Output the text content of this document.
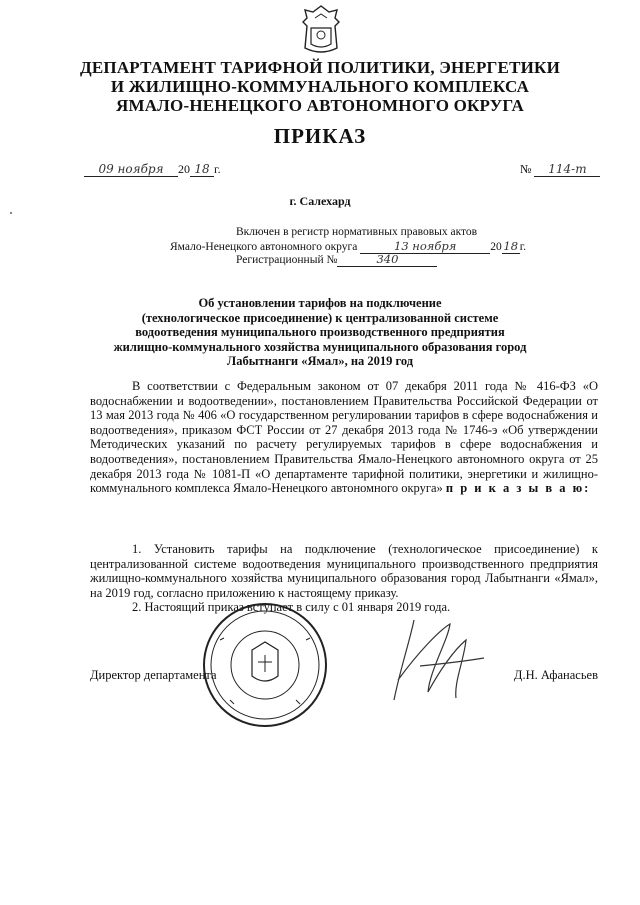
ДЕПАРТАМЕНТ ТАРИФНОЙ ПОЛИТИКИ, ЭНЕРГЕТИКИ
И ЖИЛИЩНО-КОММУНАЛЬНОГО КОМПЛЕКСА
ЯМАЛО-НЕНЕЦКОГО АВТОНОМНОГО ОКРУГА
ПРИКАЗ
09 ноября 20 18 г.	№ 114-т
г. Салехард
Включен в регистр нормативных правовых актов
Ямало-Ненецкого автономного округа	13 ноября	20 18 г.
Регистрационный №	340
Об установлении тарифов на подключение
(технологическое присоединение) к централизованной системе
водоотведения муниципального производственного предприятия
жилищно-коммунального хозяйства муниципального образования город
Лабытнанги «Ямал», на 2019 год

В соответствии с Федеральным законом от 07 декабря 2011 года № 416-ФЗ «О водоснабжении и водоотведении», постановлением Правительства Российской Федерации от 13 мая 2013 года № 406 «О государственном регулировании тарифов в сфере водоснабжения и водоотведения», приказом ФСТ России от 27 декабря 2013 года № 1746-э «Об утверждении Методических указаний по расчету регулируемых тарифов в сфере водоснабжения и водоотведения», постановлением Правительства Ямало-Ненецкого автономного округа от 25 декабря 2013 года № 1081-П «О департаменте тарифной политики, энергетики и жилищно-коммунального комплекса Ямало-Ненецкого автономного округа» п р и к а з ы в а ю:

1. Установить тарифы на подключение (технологическое присоединение) к централизованной системе водоотведения муниципального производственного предприятия жилищно-коммунального хозяйства муниципального образования город Лабытнанги «Ямал», на 2019 год, согласно приложению к настоящему приказу.

2. Настоящий приказ вступает в силу с 01 января 2019 года.

Директор департамента	Д.Н. Афанасьев
